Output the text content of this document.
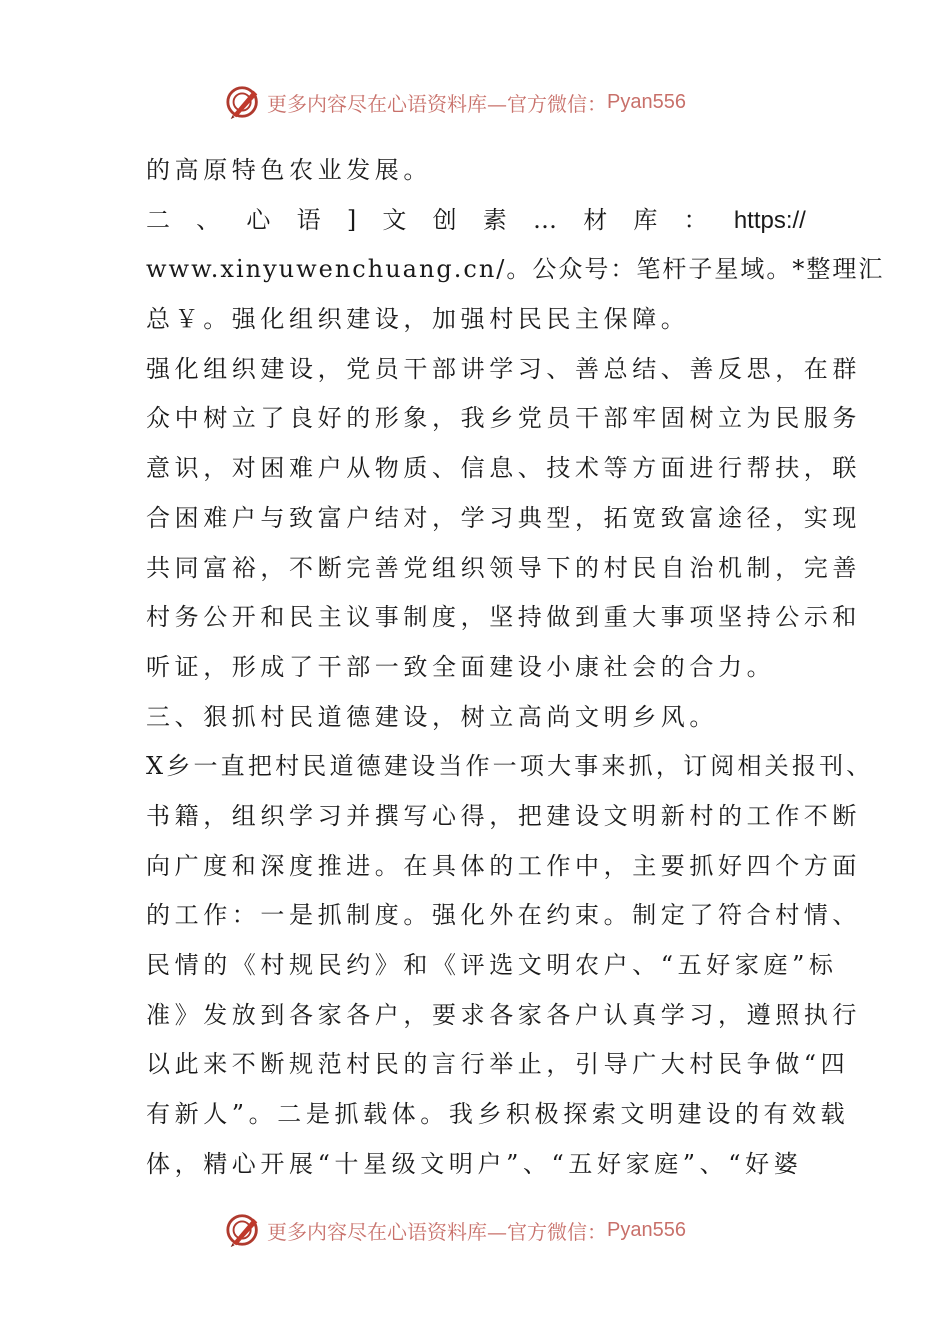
更多内容尽在心语资料库—官方微信： Pyan556
的高原特色农业发展。
二 、 心 语 ] 文 创 素 … 材 库 ： https://
www.xinyuwenchuang.cn/。公众号：笔杆子星域。*整理汇
总￥。强化组织建设，加强村民民主保障。
强化组织建设，党员干部讲学习、善总结、善反思，在群
众中树立了良好的形象，我乡党员干部牢固树立为民服务
意识，对困难户从物质、信息、技术等方面进行帮扶，联
合困难户与致富户结对，学习典型，拓宽致富途径，实现
共同富裕，不断完善党组织领导下的村民自治机制，完善
村务公开和民主议事制度，坚持做到重大事项坚持公示和
听证，形成了干部一致全面建设小康社会的合力。
三、狠抓村民道德建设，树立高尚文明乡风。
X乡一直把村民道德建设当作一项大事来抓，订阅相关报刊、
书籍，组织学习并撰写心得，把建设文明新村的工作不断
向广度和深度推进。在具体的工作中，主要抓好四个方面
的工作：一是抓制度。强化外在约束。制定了符合村情、
民情的《村规民约》和《评选文明农户、“五好家庭”标
准》发放到各家各户，要求各家各户认真学习，遵照执行
以此来不断规范村民的言行举止，引导广大村民争做“四
有新人”。二是抓载体。我乡积极探索文明建设的有效载
体，精心开展“十星级文明户”、“五好家庭”、“好婆
更多内容尽在心语资料库—官方微信： Pyan556
